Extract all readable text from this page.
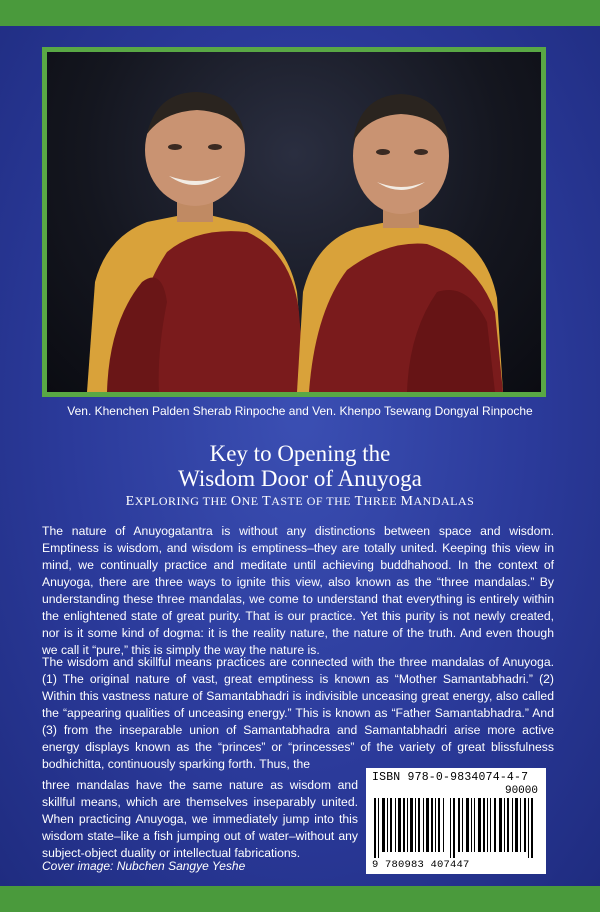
Ven. Khenchen Palden Sherab Rinpoche and Ven. Khenpo Tsewang Dongyal Rinpoche
Key to Opening the
Wisdom Door of Anuyoga
EXPLORING THE ONE TASTE OF THE THREE MANDALAS

The nature of Anuyogatantra is without any distinctions between space and wisdom. Emptiness is wisdom, and wisdom is emptiness–they are totally united. Keeping this view in mind, we continually practice and meditate until achieving buddhahood. In the context of Anuyoga, there are three ways to ignite this view, also known as the “three mandalas.” By understanding these three mandalas, we come to understand that everything is entirely within the enlightened state of great purity. That is our practice. Yet this purity is not newly created, nor is it some kind of dogma: it is the reality nature, the nature of the truth. And even though we call it “pure,” this is simply the way the nature is.

The wisdom and skillful means practices are connected with the three mandalas of Anuyoga. (1) The original nature of vast, great emptiness is known as “Mother Samantabhadri.” (2) Within this vastness nature of Samantabhadri is indivisible unceasing great energy, also called the “appearing qualities of unceasing energy.” This is known as “Father Samantabhadra.” And (3) from the inseparable union of Samantabhadra and Samantabhadri arise more active energy displays known as the “princes” or “princesses” of the variety of great blissfulness bodhichitta, continuously sparking forth. Thus, the

three mandalas have the same nature as wisdom and skillful means, which are themselves inseparably united. When practicing Anuyoga, we immediately jump into this wisdom state–like a fish jumping out of water–without any subject-object duality or intellectual fabrications.

Cover image: Nubchen Sangye Yeshe
ISBN 978-0-9834074-4-7
90000
9 780983 407447
